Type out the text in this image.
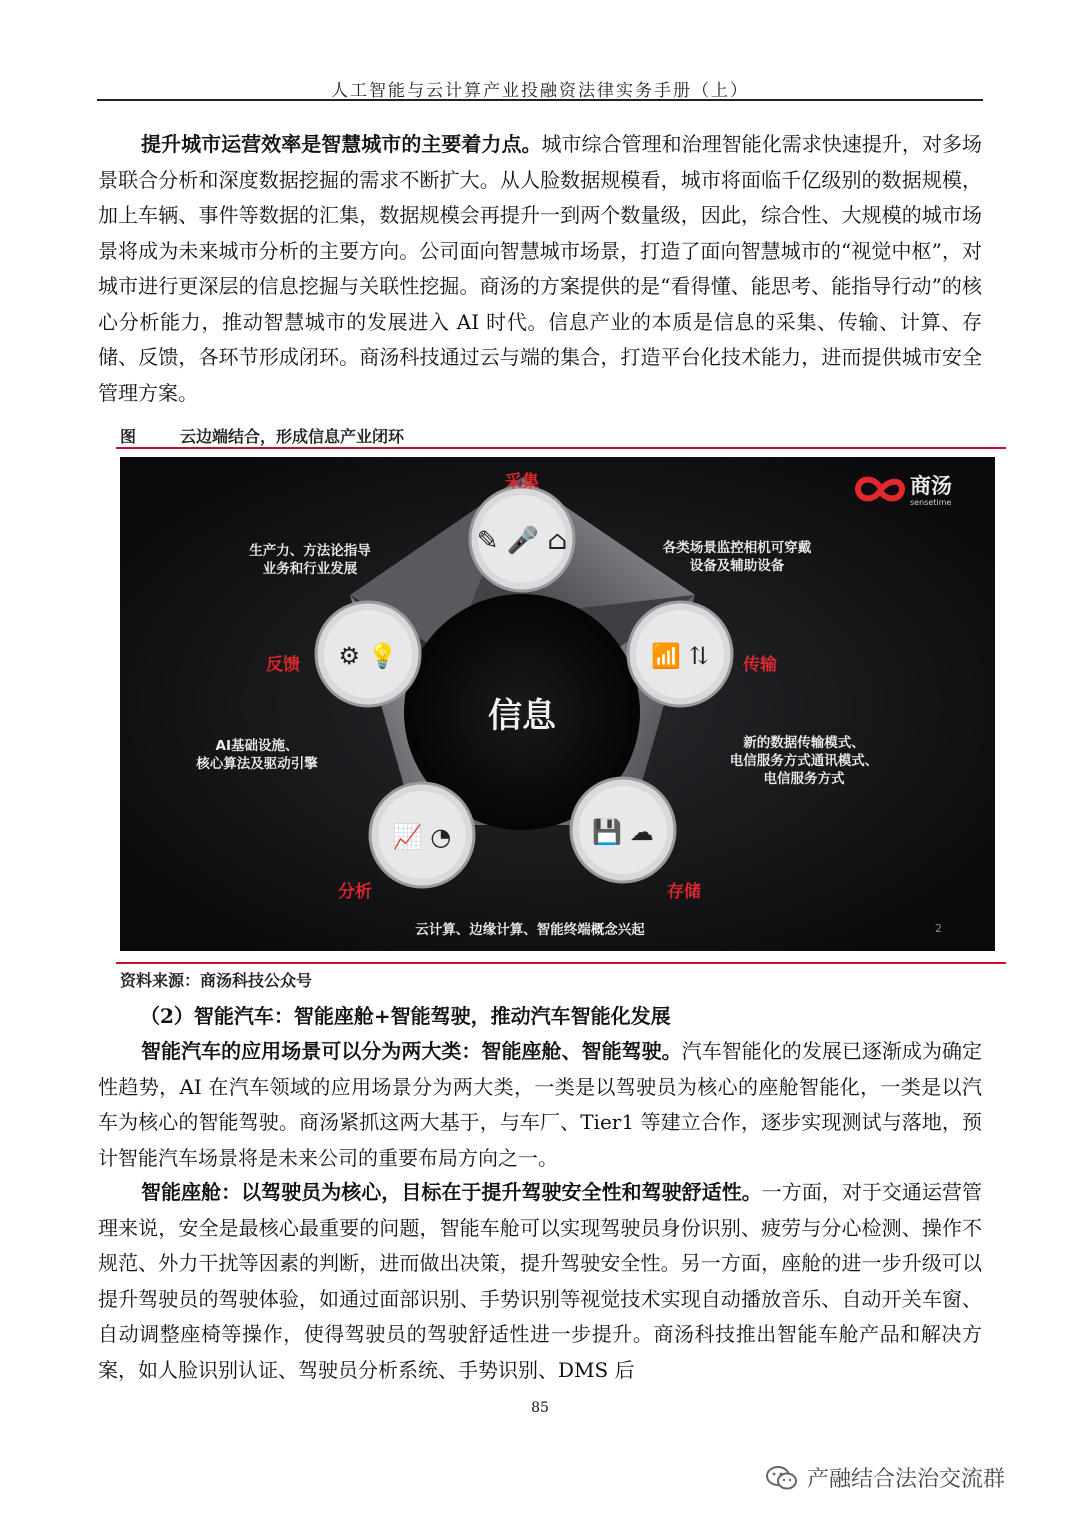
人工智能与云计算产业投融资法律实务手册（上）

提升城市运营效率是智慧城市的主要着力点。城市综合管理和治理智能化需求快速提升，对多场景联合分析和深度数据挖掘的需求不断扩大。从人脸数据规模看，城市将面临千亿级别的数据规模，加上车辆、事件等数据的汇集，数据规模会再提升一到两个数量级，因此，综合性、大规模的城市场景将成为未来城市分析的主要方向。公司面向智慧城市场景，打造了面向智慧城市的“视觉中枢”，对城市进行更深层的信息挖掘与关联性挖掘。商汤的方案提供的是“看得懂、能思考、能指导行动”的核心分析能力，推动智慧城市的发展进入 AI 时代。信息产业的本质是信息的采集、传输、计算、存储、反馈，各环节形成闭环。商汤科技通过云与端的集合，打造平台化技术能力，进而提供城市安全管理方案。

图	云边端结合，形成信息产业闭环
信息
✎ 🎤 ⌂
📶 ⇅
💾 ☁
📈 ◔
⚙ 💡
采集
传输
存储
分析
反馈
生产力、方法论指导
业务和行业发展
各类场景监控相机可穿戴
设备及辅助设备
新的数据传输模式、
电信服务方式通讯模式、
电信服务方式
AI基础设施、
核心算法及驱动引擎
云计算、边缘计算、智能终端概念兴起
商汤
sensetime
2
资料来源：商汤科技公众号

（2）智能汽车：智能座舱+智能驾驶，推动汽车智能化发展

智能汽车的应用场景可以分为两大类：智能座舱、智能驾驶。汽车智能化的发展已逐渐成为确定性趋势，AI 在汽车领域的应用场景分为两大类，一类是以驾驶员为核心的座舱智能化，一类是以汽车为核心的智能驾驶。商汤紧抓这两大基于，与车厂、Tier1 等建立合作，逐步实现测试与落地，预计智能汽车场景将是未来公司的重要布局方向之一。

智能座舱：以驾驶员为核心，目标在于提升驾驶安全性和驾驶舒适性。一方面，对于交通运营管理来说，安全是最核心最重要的问题，智能车舱可以实现驾驶员身份识别、疲劳与分心检测、操作不规范、外力干扰等因素的判断，进而做出决策，提升驾驶安全性。另一方面，座舱的进一步升级可以提升驾驶员的驾驶体验，如通过面部识别、手势识别等视觉技术实现自动播放音乐、自动开关车窗、自动调整座椅等操作，使得驾驶员的驾驶舒适性进一步提升。商汤科技推出智能车舱产品和解决方案，如人脸识别认证、驾驶员分析系统、手势识别、DMS 后

85
产融结合法治交流群
